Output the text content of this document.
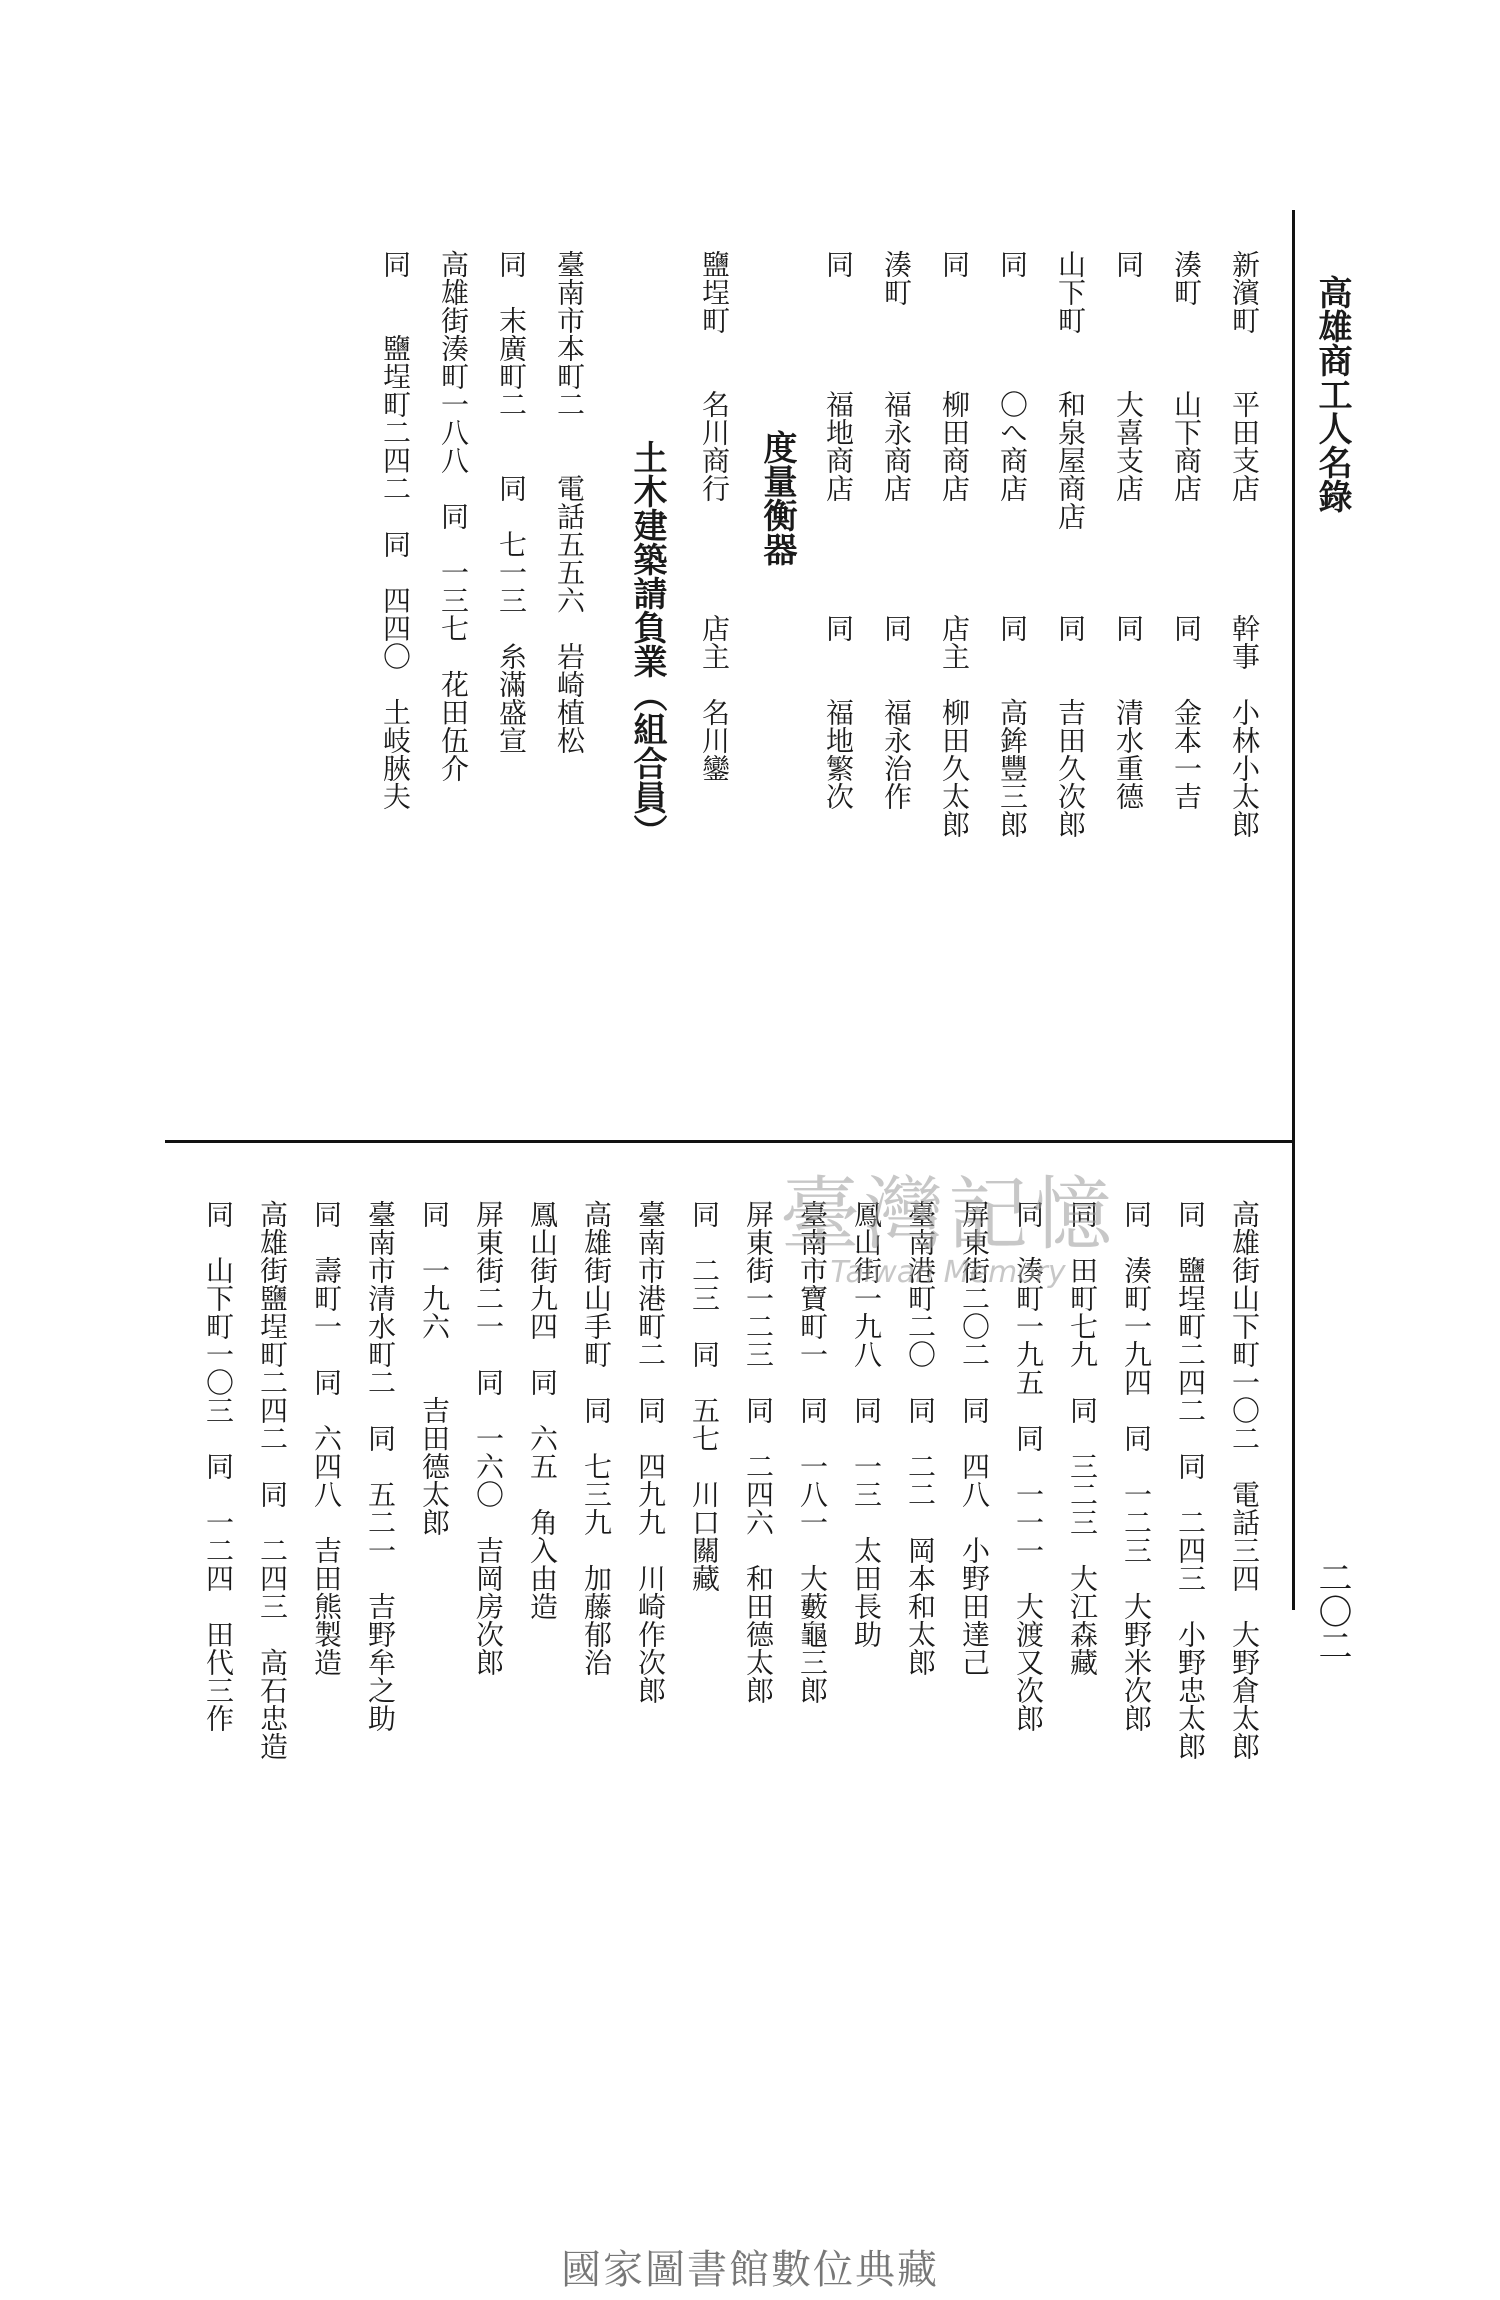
高雄商工人名錄
二〇二
新濱町　　平田支店　　　　幹事　小林小太郎
湊町　　　山下商店　　　　同　　金本一吉
同　　　　大喜支店　　　　同　　清水重德
山下町　　和泉屋商店　　　同　　吉田久次郎
同　　　　〇へ商店　　　　同　　高鉾豐三郎
同　　　　柳田商店　　　　店主　柳田久太郎
湊町　　　福永商店　　　　同　　福永治作
同　　　　福地商店　　　　同　　福地繁次
度量衡器
鹽埕町　　名川商行　　　　店主　名川鑾
土木建築請負業（組合員）
臺南市本町二　　電話五五六　岩崎植松
同　末廣町二　　同　七一三　糸滿盛宣
高雄街湊町一八八　同　一三七　花田伍介
同　　鹽埕町二四二　同　四四〇　土岐脥夫
高雄街山下町一〇二　電話三四　大野倉太郎
同　鹽埕町二四二　同　二四三　小野忠太郎
同　湊町一九四　同　一二三　大野米次郎
同　田町七九　同　三二三　大江森藏
同　湊町一九五　同　一一一　大渡又次郎
屏東街二〇二　同　四八　小野田達己
臺南港町二〇　同　二二　岡本和太郎
鳳山街一九八　同　一三　太田長助
臺南市寶町一　同　一八一　大藪龜三郎
屏東街一二三　同　二四六　和田德太郎
同　二三　同　五七　川口關藏
臺南市港町二　同　四九九　川崎作次郎
高雄街山手町　同　七三九　加藤郁治
鳳山街九四　同　六五　角入由造
屏東街二一　同　一六〇　吉岡房次郎
同　一九六　　吉田德太郎
臺南市清水町二　同　五二一　吉野牟之助
同　壽町一　同　六四八　吉田熊製造
高雄街鹽埕町二四二　同　二四三　高石忠造
同　山下町一〇三　同　一二四　田代三作	臺灣記憶
Taiwan Memory
國家圖書館數位典藏
